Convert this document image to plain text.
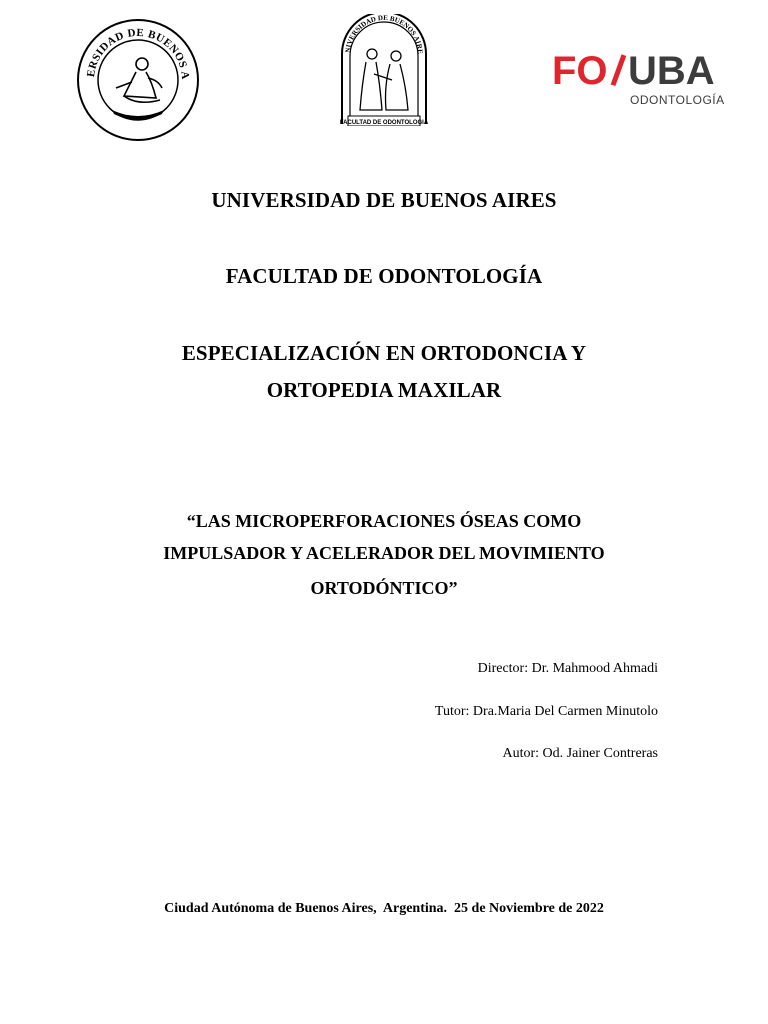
ERSIDAD DE BUENOS A
NIVERSIDAD DE BUENOS AIRE
FACULTAD DE ODONTOLOGIA
FO UBA
ODONTOLOGÍA
UNIVERSIDAD DE BUENOS AIRES
FACULTAD DE ODONTOLOGÍA
ESPECIALIZACIÓN EN ORTODONCIA Y
ORTOPEDIA MAXILAR
“LAS MICROPERFORACIONES ÓSEAS COMO
IMPULSADOR Y ACELERADOR DEL MOVIMIENTO
ORTODÓNTICO”
Director: Dr. Mahmood Ahmadi
Tutor: Dra.Maria Del Carmen Minutolo
Autor: Od. Jainer Contreras
Ciudad Autónoma de Buenos Aires,  Argentina.  25 de Noviembre de 2022
